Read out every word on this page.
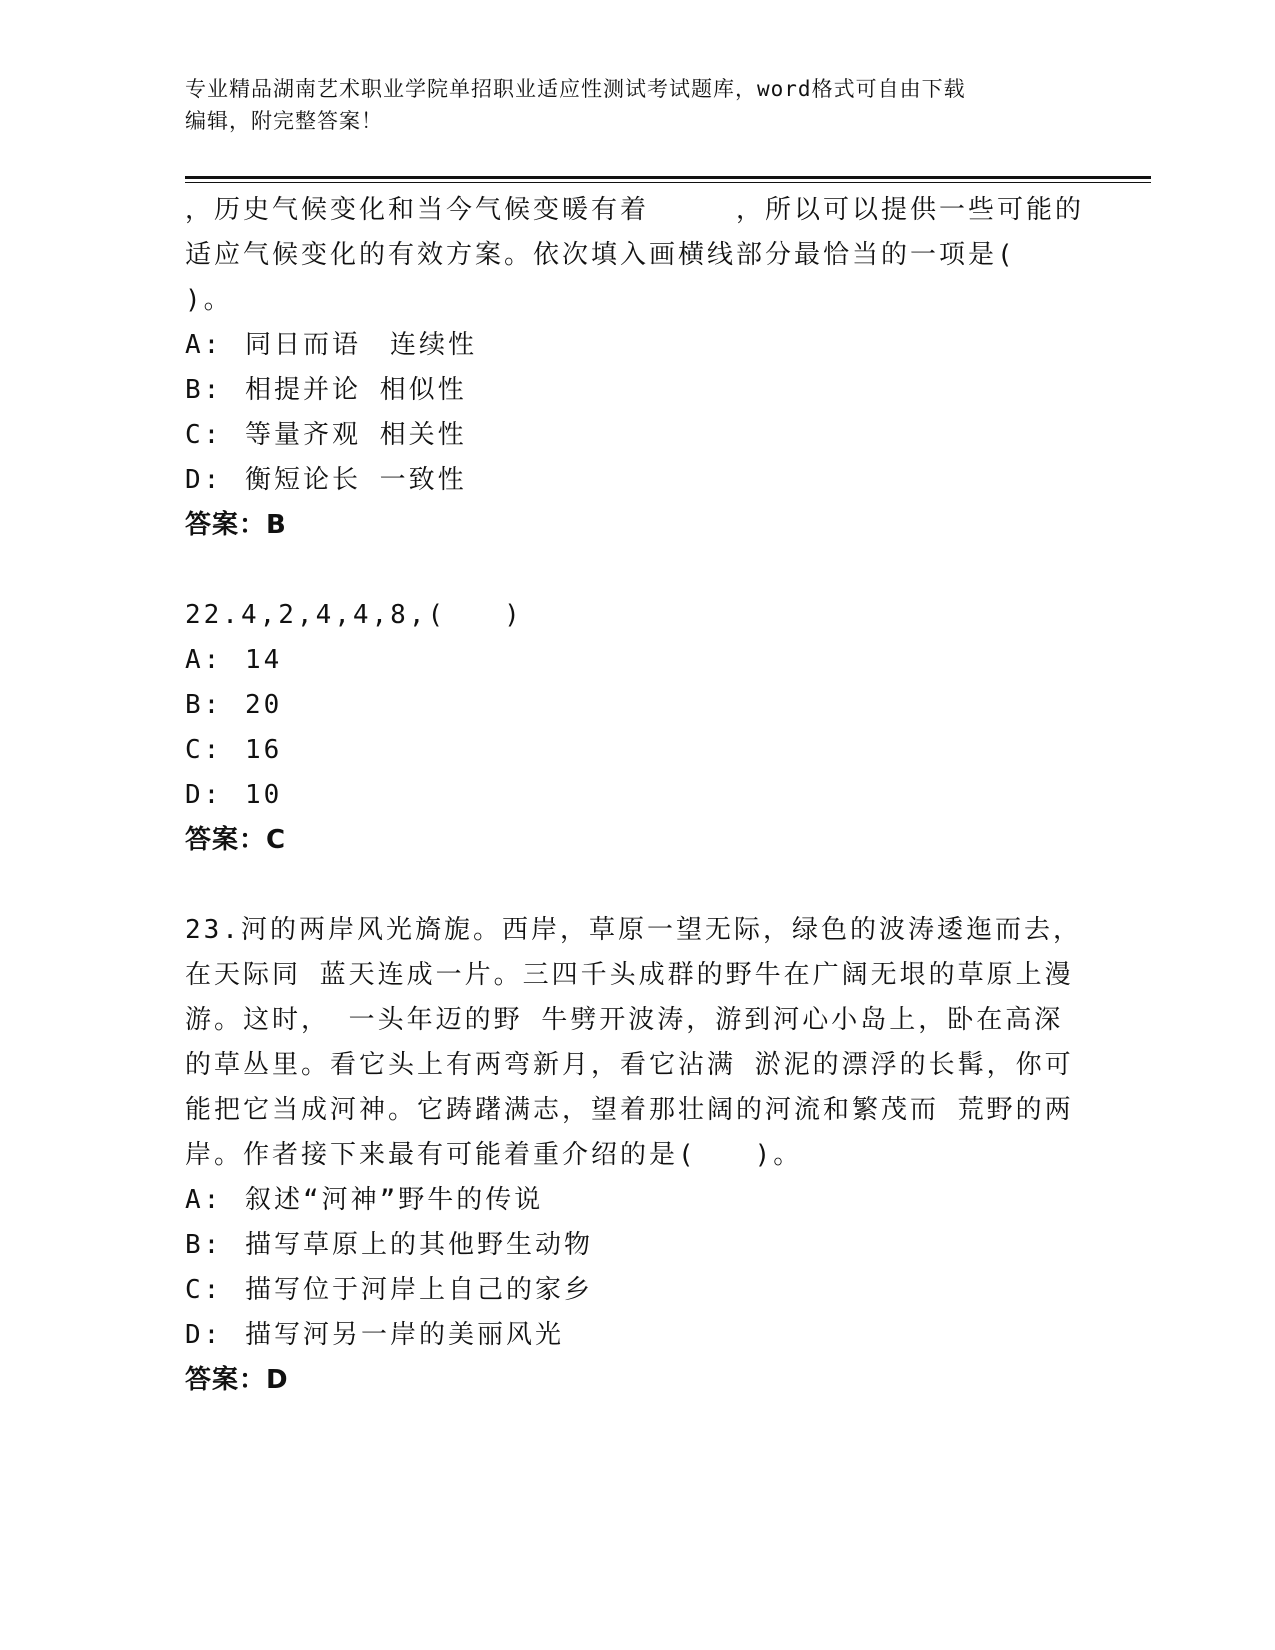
专业精品湖南艺术职业学院单招职业适应性测试考试题库，word格式可自由下载
编辑，附完整答案！
，历史气候变化和当今气候变暖有着　　　，所以可以提供一些可能的
适应气候变化的有效方案。依次填入画横线部分最恰当的一项是(
)。
A: 同日而语　连续性
B: 相提并论 相似性
C: 等量齐观 相关性
D: 衡短论长 一致性
答案：B
22.4,2,4,4,8,(　　)
A: 14
B: 20
C: 16
D: 10
答案：C
23.河的两岸风光旖旎。西岸，草原一望无际，绿色的波涛逶迤而去，
在天际同 蓝天连成一片。三四千头成群的野牛在广阔无垠的草原上漫
游。这时， 一头年迈的野 牛劈开波涛，游到河心小岛上，卧在高深
的草丛里。看它头上有两弯新月，看它沾满 淤泥的漂浮的长髯，你可
能把它当成河神。它踌躇满志，望着那壮阔的河流和繁茂而 荒野的两
岸。作者接下来最有可能着重介绍的是(　　)。
A: 叙述“河神”野牛的传说
B: 描写草原上的其他野生动物
C: 描写位于河岸上自己的家乡
D: 描写河另一岸的美丽风光
答案：D
